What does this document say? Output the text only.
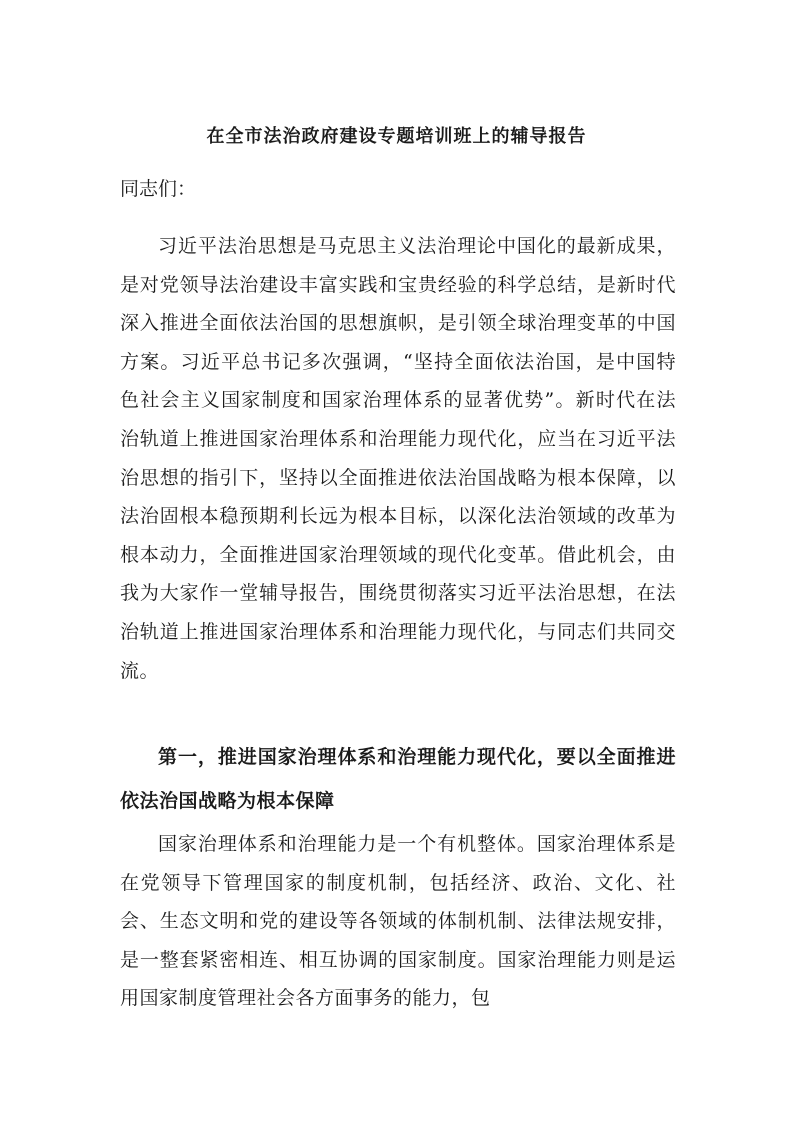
在全市法治政府建设专题培训班上的辅导报告

同志们：

习近平法治思想是马克思主义法治理论中国化的最新成果，是对党领导法治建设丰富实践和宝贵经验的科学总结，是新时代深入推进全面依法治国的思想旗帜，是引领全球治理变革的中国方案。习近平总书记多次强调，“坚持全面依法治国，是中国特色社会主义国家制度和国家治理体系的显著优势”。新时代在法治轨道上推进国家治理体系和治理能力现代化，应当在习近平法治思想的指引下，坚持以全面推进依法治国战略为根本保障，以法治固根本稳预期利长远为根本目标，以深化法治领域的改革为根本动力，全面推进国家治理领域的现代化变革。借此机会，由我为大家作一堂辅导报告，围绕贯彻落实习近平法治思想，在法治轨道上推进国家治理体系和治理能力现代化，与同志们共同交流。

第一，推进国家治理体系和治理能力现代化，要以全面推进依法治国战略为根本保障

国家治理体系和治理能力是一个有机整体。国家治理体系是在党领导下管理国家的制度机制，包括经济、政治、文化、社会、生态文明和党的建设等各领域的体制机制、法律法规安排，是一整套紧密相连、相互协调的国家制度。国家治理能力则是运用国家制度管理社会各方面事务的能力，包
